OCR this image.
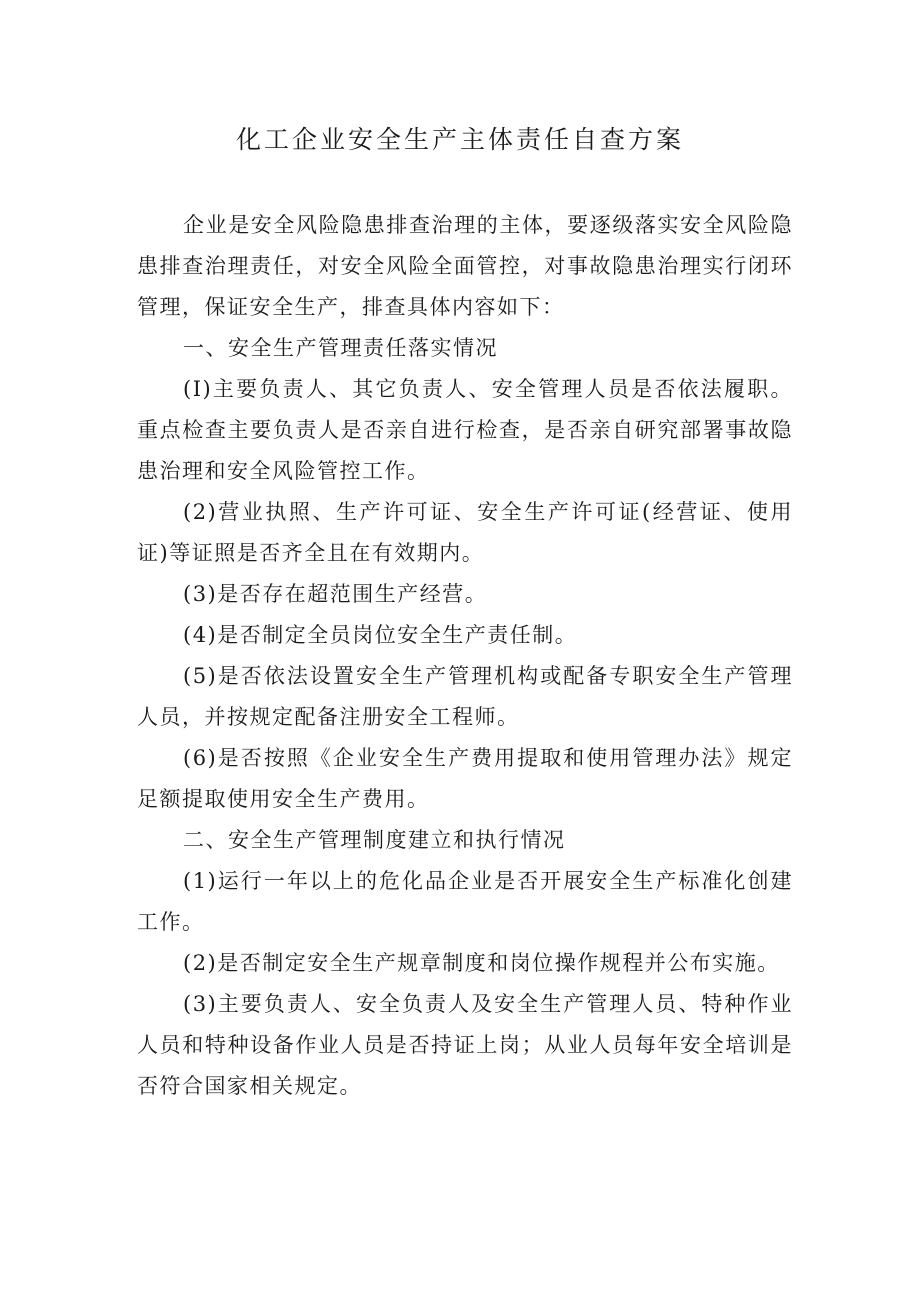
化工企业安全生产主体责任自查方案

企业是安全风险隐患排查治理的主体，要逐级落实安全风险隐患排查治理责任，对安全风险全面管控，对事故隐患治理实行闭环管理，保证安全生产，排查具体内容如下：

一、安全生产管理责任落实情况

(I)主要负责人、其它负责人、安全管理人员是否依法履职。重点检查主要负责人是否亲自进行检查，是否亲自研究部署事故隐患治理和安全风险管控工作。

(2)营业执照、生产许可证、安全生产许可证(经营证、使用证)等证照是否齐全且在有效期内。

(3)是否存在超范围生产经营。

(4)是否制定全员岗位安全生产责任制。

(5)是否依法设置安全生产管理机构或配备专职安全生产管理人员，并按规定配备注册安全工程师。

(6)是否按照《企业安全生产费用提取和使用管理办法》规定足额提取使用安全生产费用。

二、安全生产管理制度建立和执行情况

(1)运行一年以上的危化品企业是否开展安全生产标准化创建工作。

(2)是否制定安全生产规章制度和岗位操作规程并公布实施。

(3)主要负责人、安全负责人及安全生产管理人员、特种作业人员和特种设备作业人员是否持证上岗；从业人员每年安全培训是否符合国家相关规定。
